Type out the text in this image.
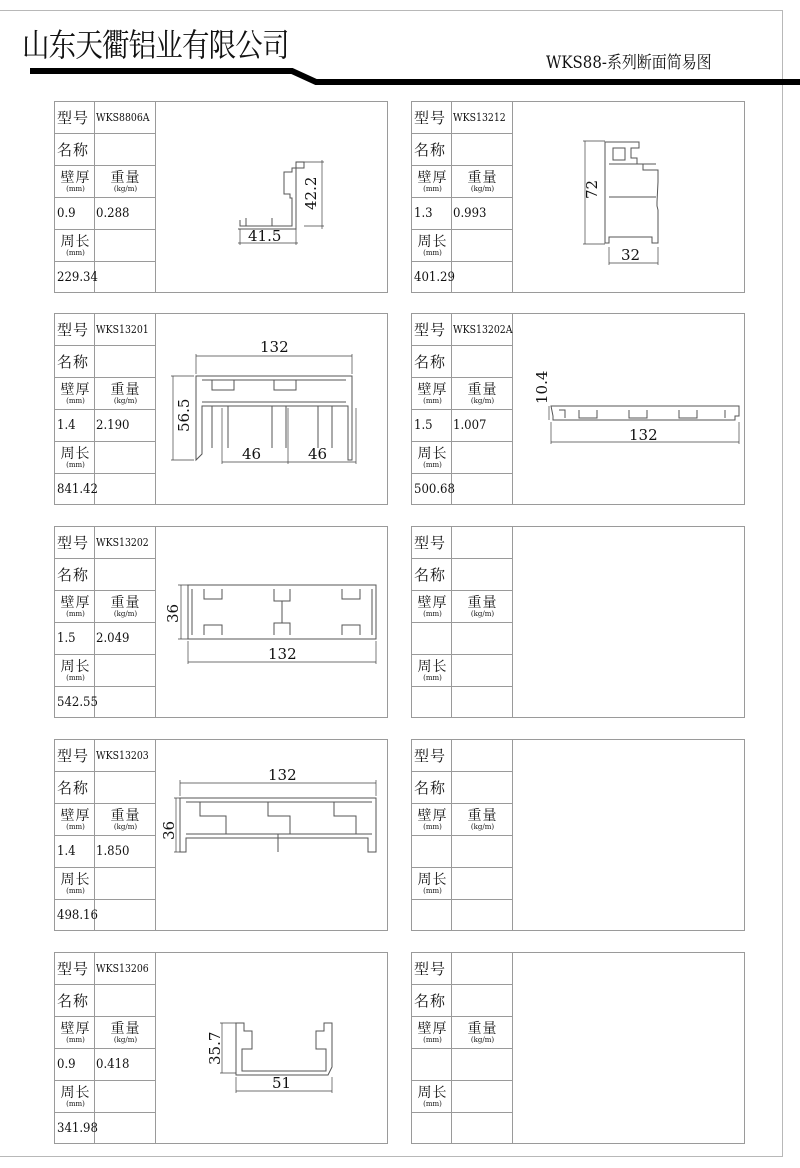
山东天衢铝业有限公司	WKS88-系列断面简易图
型号 WKS8806A
名称
壁厚
(mm)
重量
(kg/m)
0.9 0.288
周长
(mm)
229.34
41.5
42.2
型号 WKS13212
名称
壁厚
(mm)
重量
(kg/m)
1.3 0.993
周长
(mm)
401.29
32
72
型号 WKS13201
名称
壁厚
(mm)
重量
(kg/m)
1.4 2.190
周长
(mm)
841.42
132
46	46
56.5
型号 WKS13202A
名称
壁厚
(mm)
重量
(kg/m)
1.5 1.007
周长
(mm)
500.68
132
10.4
型号 WKS13202
名称
壁厚
(mm)
重量
(kg/m)
1.5 2.049
周长
(mm)
542.55
132
36
型号
名称
壁厚
(mm)
重量
(kg/m)
周长
(mm)
型号 WKS13203
名称
壁厚
(mm)
重量
(kg/m)
1.4 1.850
周长
(mm)
498.16
132
36
型号
名称
壁厚
(mm)
重量
(kg/m)
周长
(mm)
型号 WKS13206
名称
壁厚
(mm)
重量
(kg/m)
0.9 0.418
周长
(mm)
341.98
51
35.7
型号
名称
壁厚
(mm)
重量
(kg/m)
周长
(mm)
